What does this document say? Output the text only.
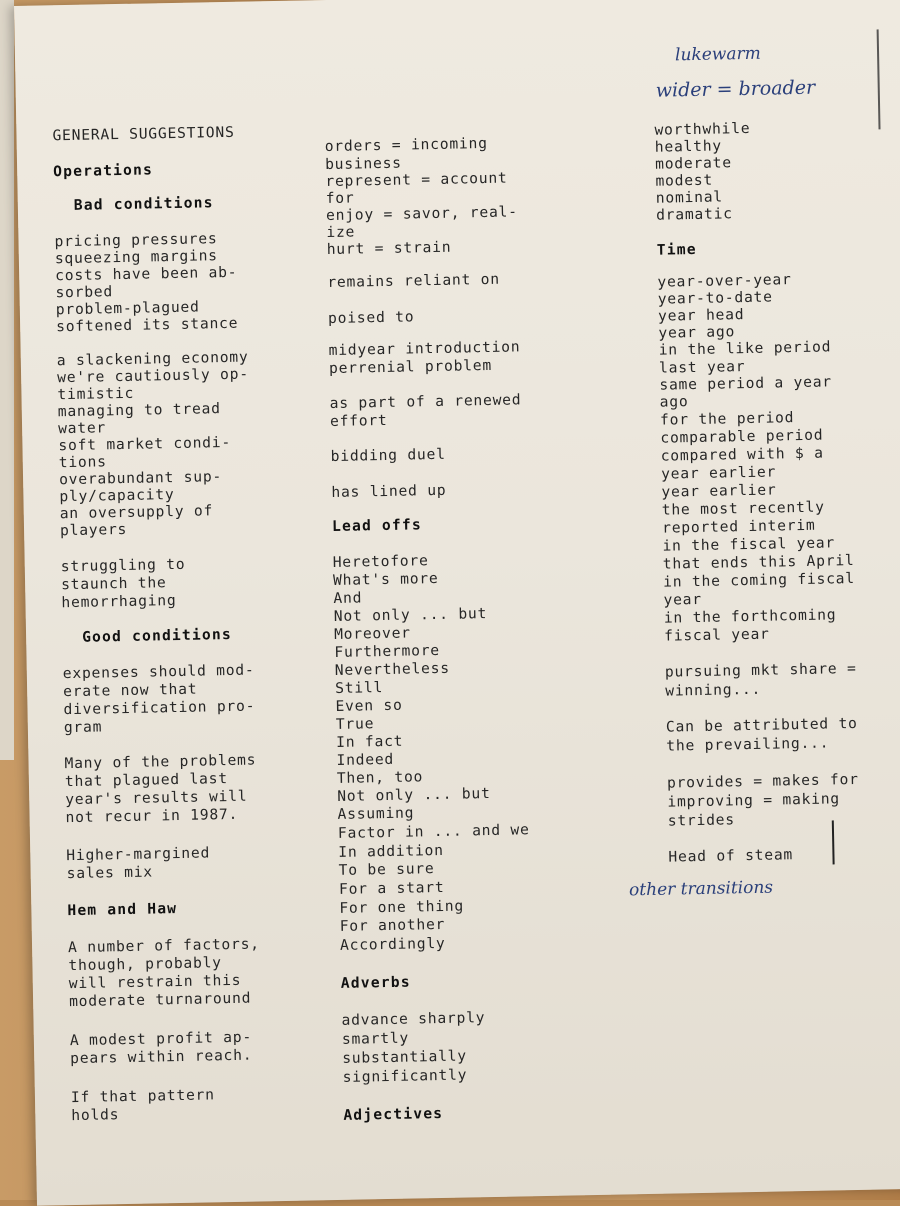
GENERAL SUGGESTIONS
Operations
Bad conditions
pricing pressures
squeezing margins
costs have been ab-
sorbed
problem-plagued
softened its stance
a slackening economy
we're cautiously op-
timistic
managing to tread
water
soft market condi-
tions
overabundant sup-
ply/capacity
an oversupply of
players
struggling to
staunch the
hemorrhaging
Good conditions
expenses should mod-
erate now that
diversification pro-
gram
Many of the problems
that plagued last
year's results will
not recur in 1987.
Higher-margined
sales mix
Hem and Haw
A number of factors,
though, probably
will restrain this
moderate turnaround
A modest profit ap-
pears within reach.
If that pattern
holds
orders = incoming
business
represent = account
for
enjoy = savor, real-
ize
hurt = strain
remains reliant on
poised to
midyear introduction
perrenial problem
as part of a renewed
effort
bidding duel
has lined up
Lead offs
Heretofore
What's more
And
Not only ... but
Moreover
Furthermore
Nevertheless
Still
Even so
True
In fact
Indeed
Then, too
Not only ... but
Assuming
Factor in ... and we
In addition
To be sure
For a start
For one thing
For another
Accordingly
Adverbs
advance sharply
smartly
substantially
significantly
Adjectives
worthwhile
healthy
moderate
modest
nominal
dramatic
Time
year-over-year
year-to-date
year head
year ago
in the like period
last year
same period a year
ago
for the period
comparable period
compared with $ a
year earlier
year earlier
the most recently
reported interim
in the fiscal year
that ends this April
in the coming fiscal
year
in the forthcoming
fiscal year
pursuing mkt share =
winning...
Can be attributed to
the prevailing...
provides = makes for
improving = making
strides
Head of steam
lukewarm
wider = broader
other transitions
